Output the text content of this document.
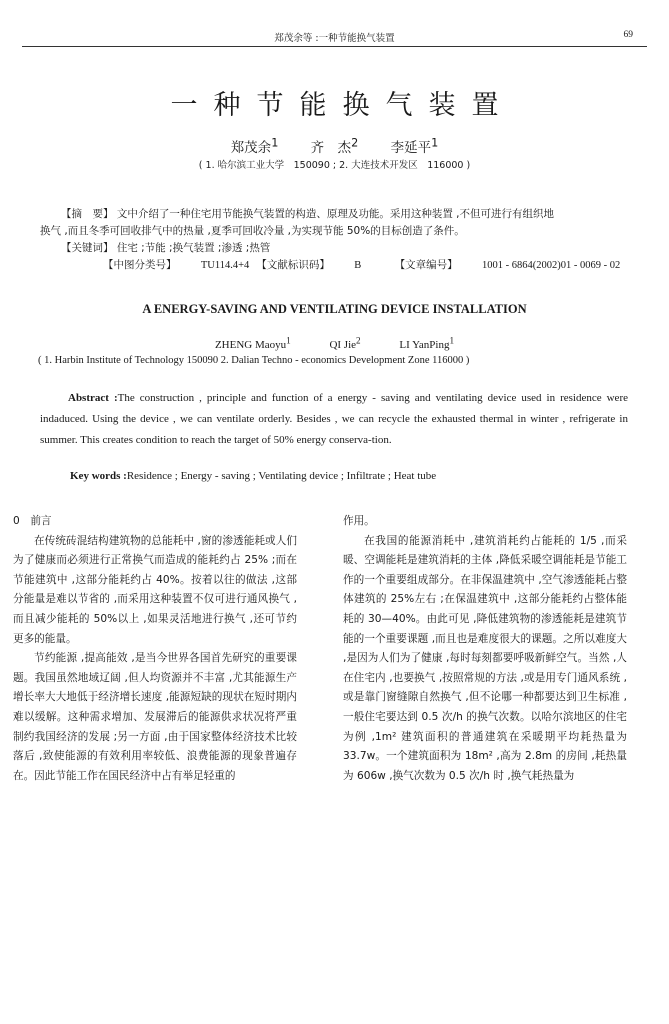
郑茂余等 :一种节能换气装置	69
一种节能换气装置
郑茂余$^1$ 齐　杰$^2$ 李延平$^1$
( 1. 哈尔滨工业大学　150090 ; 2. 大连技术开发区　116000 )
【摘　要】 文中介绍了一种住宅用节能换气装置的构造、原理及功能。采用这种装置 ,不但可进行有组织地
换气 ,而且冬季可回收排气中的热量 ,夏季可回收冷量 ,为实现节能 50%的目标创造了条件。
【关键词】 住宅 ;节能 ;换气装置 ;渗透 ;热管
【中图分类号】 TU114.4+4 【文献标识码】 B	【文章编号】 1001 - 6864(2002)01 - 0069 - 02
A ENERGY-SAVING AND VENTILATING DEVICE INSTALLATION
ZHENG Maoyu$^1$	QI Jie$^2$	LI YanPing$^1$
( 1. Harbin Institute of Technology 150090 2. Dalian Techno - economics Development Zone 116000 )
Abstract :The construction , principle and function of a energy - saving and ventilating device used in residence were indaduced. Using the device , we can ventilate orderly. Besides , we can recycle the exhausted thermal in winter , refrigerate in summer. This creates condition to reach the target of 50% energy conserva-tion.
Key words :Residence ; Energy - saving ; Ventilating device ; Infiltrate ; Heat tube

0　前言

在传统砖混结构建筑物的总能耗中 ,窗的渗透能耗或人们为了健康而必须进行正常换气而造成的能耗约占 25% ;而在节能建筑中 ,这部分能耗约占 40%。按着以往的做法 ,这部分能量是难以节省的 ,而采用这种装置不仅可进行通风换气 ,而且减少能耗的 50%以上 ,如果灵活地进行换气 ,还可节约更多的能量。

节约能源 ,提高能效 ,是当今世界各国首先研究的重要课题。我国虽然地域辽阔 ,但人均资源并不丰富 ,尤其能源生产增长率大大地低于经济增长速度 ,能源短缺的现状在短时期内难以缓解。这种需求增加、发展滞后的能源供求状况将严重制约我国经济的发展 ;另一方面 ,由于国家整体经济技术比较落后 ,致使能源的有效利用率较低、浪费能源的现象普遍存在。因此节能工作在国民经济中占有举足轻重的

作用。

在我国的能源消耗中 ,建筑消耗约占能耗的 1/5 ,而采暖、空调能耗是建筑消耗的主体 ,降低采暖空调能耗是节能工作的一个重要组成部分。在非保温建筑中 ,空气渗透能耗占整体建筑的 25%左右 ;在保温建筑中 ,这部分能耗约占整体能耗的 30—40%。由此可见 ,降低建筑物的渗透能耗是建筑节能的一个重要课题 ,而且也是难度很大的课题。之所以难度大 ,是因为人们为了健康 ,每时每刻都要呼吸新鲜空气。当然 ,人在住宅内 ,也要换气 ,按照常规的方法 ,或是用专门通风系统 ,或是靠门窗缝隙自然换气 ,但不论哪一种都要达到卫生标准 ,一般住宅要达到 0.5 次/h 的换气次数。以哈尔滨地区的住宅为例 ,1m² 建筑面积的普通建筑在采暖期平均耗热量为 33.7w。一个建筑面积为 18m² ,高为 2.8m 的房间 ,耗热量为 606w ,换气次数为 0.5 次/h 时 ,换气耗热量为
